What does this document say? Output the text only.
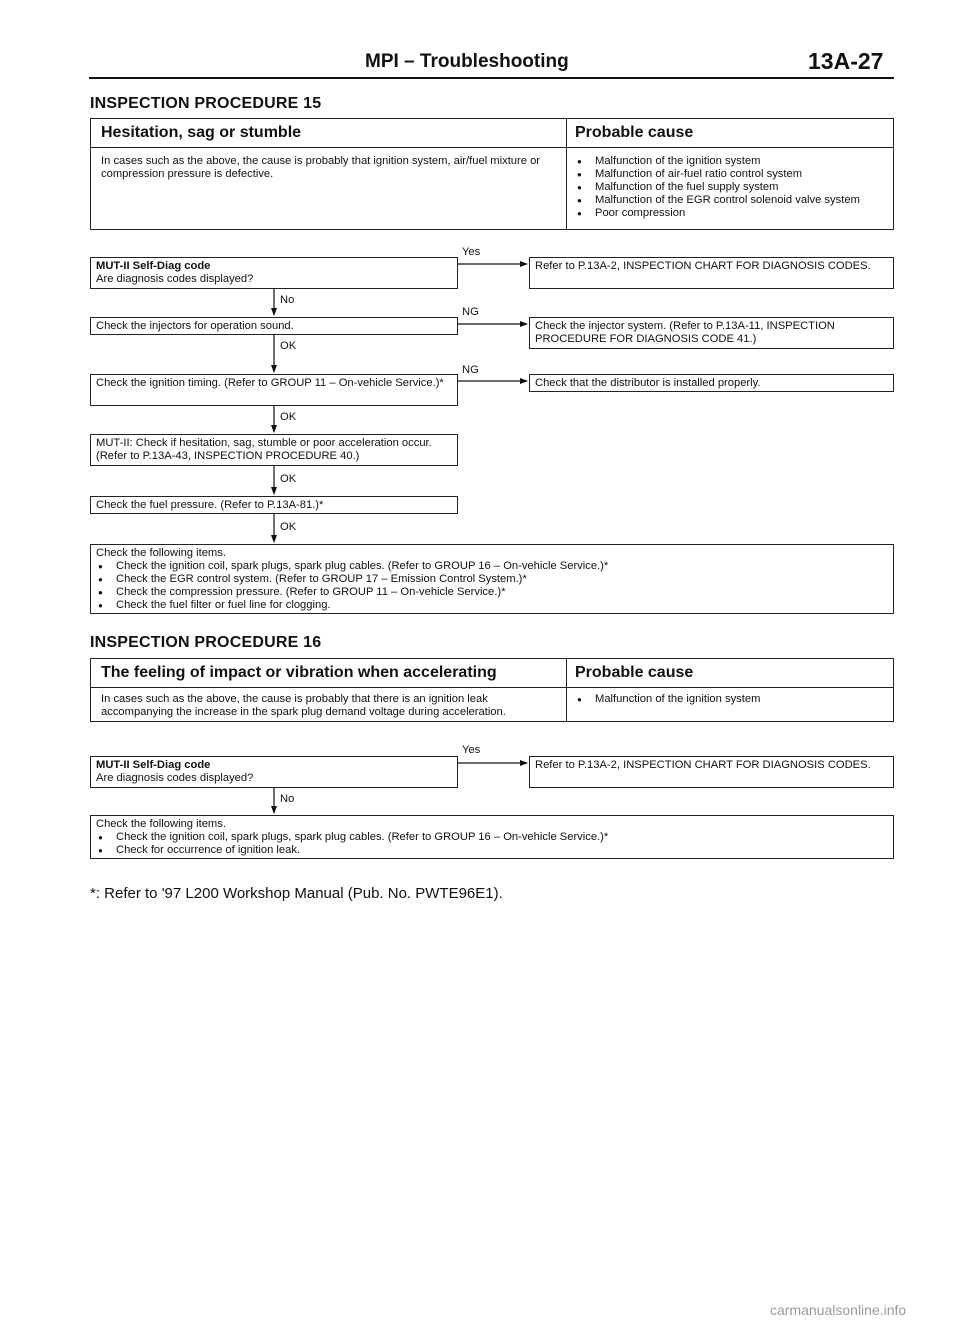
MPI – Troubleshooting	13A-27
INSPECTION PROCEDURE 15
Hesitation, sag or stumble	Probable cause
In cases such as the above, the cause is probably that ignition system, air/fuel mixture or compression pressure is defective.
● Malfunction of the ignition system
● Malfunction of air-fuel ratio control system
● Malfunction of the fuel supply system
● Malfunction of the EGR control solenoid valve system
● Poor compression
MUT-II Self-Diag code
Are diagnosis codes displayed?
Refer to P.13A-2, INSPECTION CHART FOR DIAGNOSIS CODES.
Check the injectors for operation sound.	Check the injector system. (Refer to P.13A-11, INSPECTION PROCEDURE FOR DIAGNOSIS CODE 41.)
Check the ignition timing. (Refer to GROUP 11 – On-vehicle Service.)*	Check that the distributor is installed properly.
MUT-II: Check if hesitation, sag, stumble or poor acceleration occur. (Refer to P.13A-43, INSPECTION PROCEDURE 40.)
Check the fuel pressure. (Refer to P.13A-81.)*
Check the following items.
● Check the ignition coil, spark plugs, spark plug cables. (Refer to GROUP 16 – On-vehicle Service.)*
● Check the EGR control system. (Refer to GROUP 17 – Emission Control System.)*
● Check the compression pressure. (Refer to GROUP 11 – On-vehicle Service.)*
● Check the fuel filter or fuel line for clogging.
Yes
No
NG
OK
NG
OK
OK
OK
INSPECTION PROCEDURE 16
The feeling of impact or vibration when accelerating	Probable cause
In cases such as the above, the cause is probably that there is an ignition leak accompanying the increase in the spark plug demand voltage during acceleration.
● Malfunction of the ignition system
MUT-II Self-Diag code
Are diagnosis codes displayed?
Refer to P.13A-2, INSPECTION CHART FOR DIAGNOSIS CODES.
Check the following items.
● Check the ignition coil, spark plugs, spark plug cables. (Refer to GROUP 16 – On-vehicle Service.)*
● Check for occurrence of ignition leak.
Yes
No
*: Refer to '97 L200 Workshop Manual (Pub. No. PWTE96E1).
carmanualsonline.info
